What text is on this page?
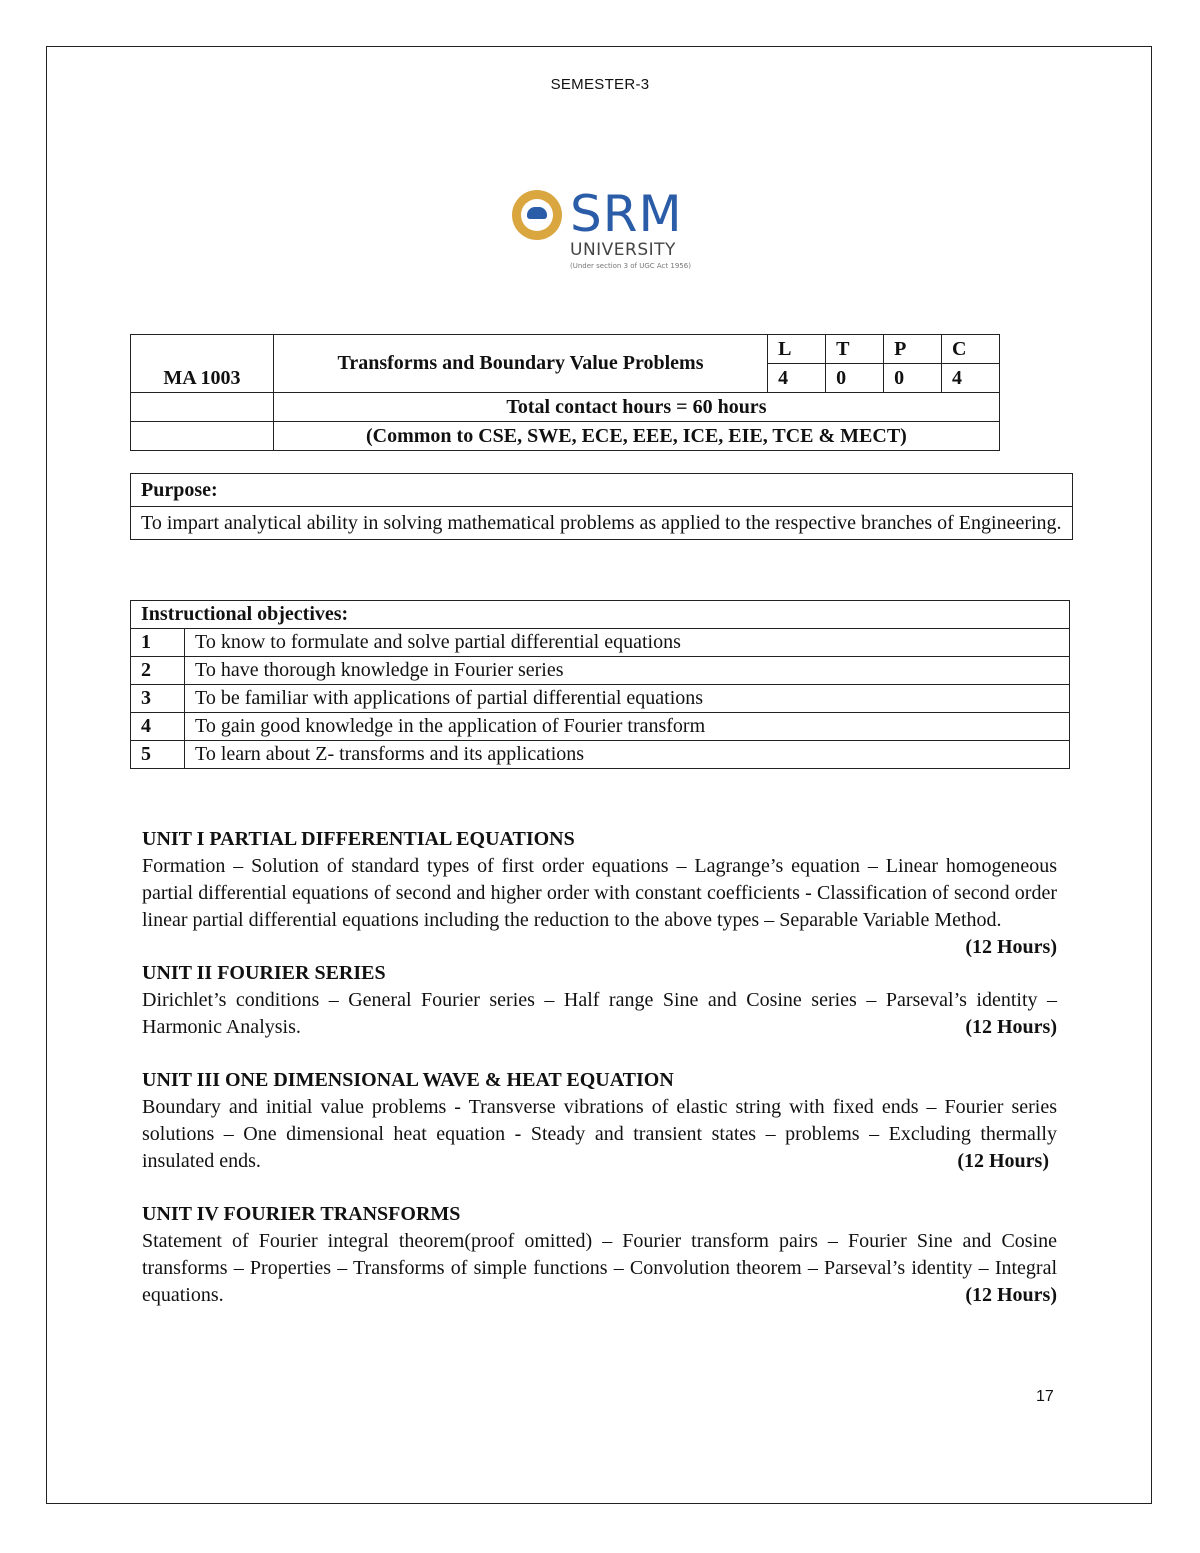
SEMESTER-3
SRM
UNIVERSITY
(Under section 3 of UGC Act 1956)
MA 1003	Transforms and Boundary Value Problems	L	T	P	C
		4	0	0	4
	Total contact hours = 60 hours				
	(Common to CSE, SWE, ECE, EEE, ICE, EIE, TCE & MECT)				
Purpose:
To impart analytical ability in solving mathematical problems as applied to the respective branches of Engineering.
Instructional objectives:	
1	To know to formulate and solve partial differential equations
2	To have thorough knowledge in Fourier series
3	To be familiar with applications of partial differential equations
4	To gain good knowledge in the application of Fourier transform
5	To learn about Z- transforms and its applications
UNIT I PARTIAL DIFFERENTIAL EQUATIONS
Formation – Solution of standard types of first order equations – Lagrange’s equation – Linear homogeneous partial differential equations of second and higher order with constant coefficients - Classification of second order linear partial differential equations including the reduction to the above types – Separable Variable Method.
(12 Hours)
UNIT II FOURIER SERIES
Dirichlet’s conditions – General Fourier series – Half range Sine and Cosine series – Parseval’s identity – Harmonic Analysis.	(12 Hours)
UNIT III ONE DIMENSIONAL WAVE & HEAT EQUATION
Boundary and initial value problems - Transverse vibrations of elastic string with fixed ends – Fourier series solutions – One dimensional heat equation - Steady and transient states – problems – Excluding thermally insulated ends.	(12 Hours)
UNIT IV FOURIER TRANSFORMS
Statement of Fourier integral theorem(proof omitted) – Fourier transform pairs – Fourier Sine and Cosine transforms – Properties – Transforms of simple functions – Convolution theorem – Parseval’s identity – Integral equations.	(12 Hours)
17
